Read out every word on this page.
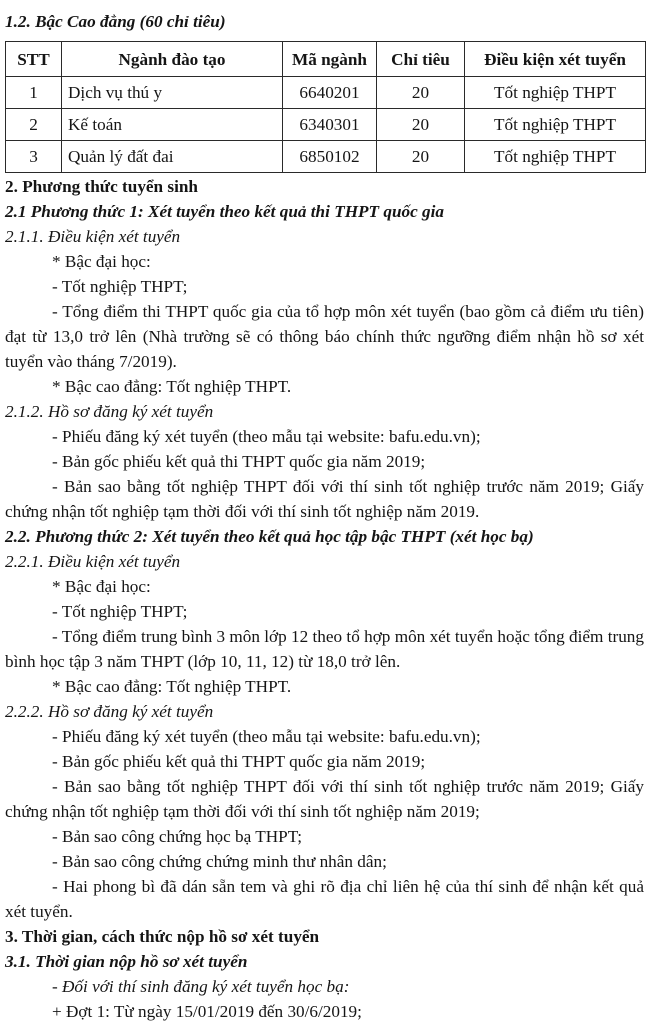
1.2. Bậc Cao đẳng (60 chỉ tiêu)
STT	Ngành đào tạo	Mã ngành	Chỉ tiêu	Điều kiện xét tuyển
1	Dịch vụ thú y	6640201	20	Tốt nghiệp THPT
2	Kế toán	6340301	20	Tốt nghiệp THPT
3	Quản lý đất đai	6850102	20	Tốt nghiệp THPT
2. Phương thức tuyển sinh
2.1 Phương thức 1: Xét tuyển theo kết quả thi THPT quốc gia
2.1.1. Điều kiện xét tuyển
* Bậc đại học:
- Tốt nghiệp THPT;
- Tổng điểm thi THPT quốc gia của tổ hợp môn xét tuyển (bao gồm cả điểm ưu tiên) đạt từ 13,0 trở lên (Nhà trường sẽ có thông báo chính thức ngưỡng điểm nhận hồ sơ xét tuyển vào tháng 7/2019).
* Bậc cao đẳng: Tốt nghiệp THPT.
2.1.2. Hồ sơ đăng ký xét tuyển
- Phiếu đăng ký xét tuyển (theo mẫu tại website: bafu.edu.vn);
- Bản gốc phiếu kết quả thi THPT quốc gia năm 2019;
- Bản sao bằng tốt nghiệp THPT đối với thí sinh tốt nghiệp trước năm 2019; Giấy chứng nhận tốt nghiệp tạm thời đối với thí sinh tốt nghiệp năm 2019.
2.2. Phương thức 2: Xét tuyển theo kết quả học tập bậc THPT (xét học bạ)
2.2.1. Điều kiện xét tuyển
* Bậc đại học:
- Tốt nghiệp THPT;
- Tổng điểm trung bình 3 môn lớp 12 theo tổ hợp môn xét tuyển hoặc tổng điểm trung bình học tập 3 năm THPT (lớp 10, 11, 12) từ 18,0 trở lên.
* Bậc cao đẳng: Tốt nghiệp THPT.
2.2.2. Hồ sơ đăng ký xét tuyển
- Phiếu đăng ký xét tuyển (theo mẫu tại website: bafu.edu.vn);
- Bản gốc phiếu kết quả thi THPT quốc gia năm 2019;
- Bản sao bằng tốt nghiệp THPT đối với thí sinh tốt nghiệp trước năm 2019; Giấy chứng nhận tốt nghiệp tạm thời đối với thí sinh tốt nghiệp năm 2019;
- Bản sao công chứng học bạ THPT;
- Bản sao công chứng chứng minh thư nhân dân;
- Hai phong bì đã dán sẵn tem và ghi rõ địa chỉ liên hệ của thí sinh để nhận kết quả xét tuyển.
3. Thời gian, cách thức nộp hồ sơ xét tuyển
3.1. Thời gian nộp hồ sơ xét tuyển
- Đối với thí sinh đăng ký xét tuyển học bạ:
+ Đợt 1: Từ ngày 15/01/2019 đến 30/6/2019;
